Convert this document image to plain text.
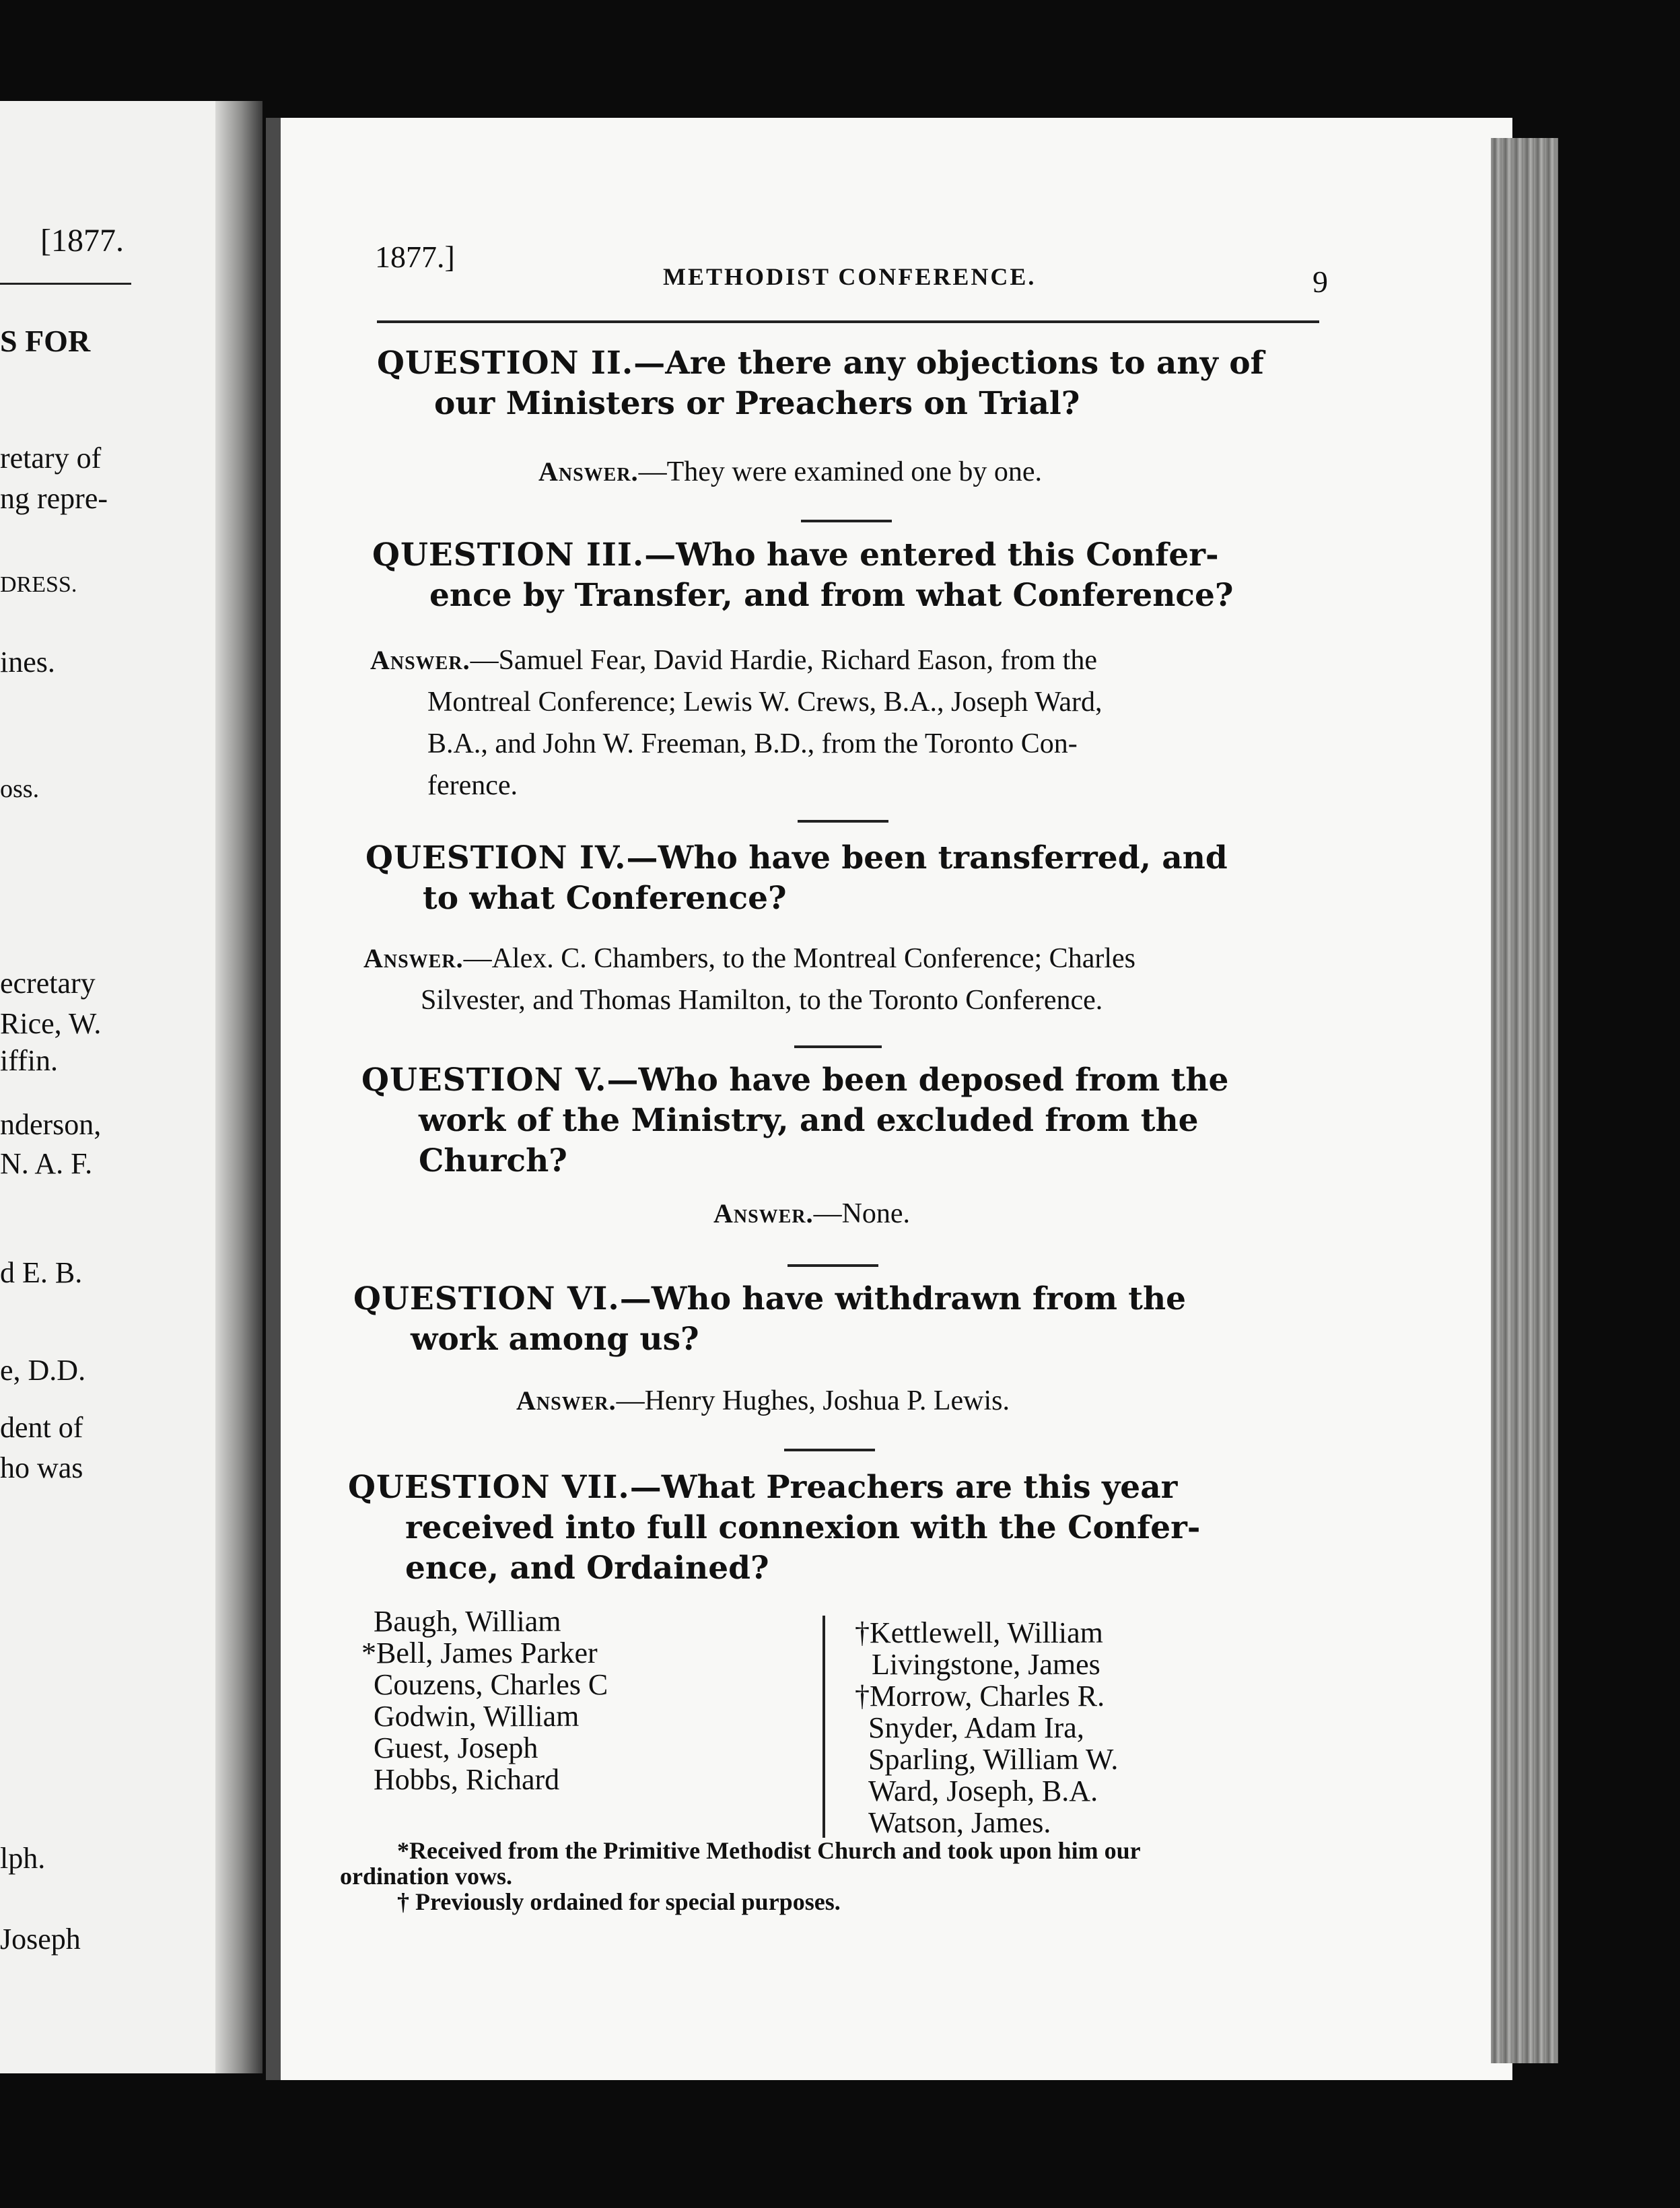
[1877.
S FOR
retary of
ng repre-
DRESS.
ines.
oss.
ecretary
Rice, W.
iffin.
nderson,
N. A. F.
d E. B.
e, D.D.
dent of
ho was
lph.
Joseph
1877.]
METHODIST CONFERENCE.	9
QUESTION II.—Are there any objections to any of
our Ministers or Preachers on Trial?
Answer.—They were examined one by one.
QUESTION III.—Who have entered this Confer-
ence by Transfer, and from what Conference?
Answer.—Samuel Fear, David Hardie, Richard Eason, from the
Montreal Conference; Lewis W. Crews, B.A., Joseph Ward,
B.A., and John W. Freeman, B.D., from the Toronto Con-
ference.
QUESTION IV.—Who have been transferred, and
to what Conference?
Answer.—Alex. C. Chambers, to the Montreal Conference; Charles
Silvester, and Thomas Hamilton, to the Toronto Conference.
QUESTION V.—Who have been deposed from the
work of the Ministry, and excluded from the
Church?
Answer.—None.
QUESTION VI.—Who have withdrawn from the
work among us?
Answer.—Henry Hughes, Joshua P. Lewis.
QUESTION VII.—What Preachers are this year
received into full connexion with the Confer-
ence, and Ordained?
Baugh, William
*Bell, James Parker
Couzens, Charles C
Godwin, William
Guest, Joseph
Hobbs, Richard
†Kettlewell, William
Livingstone, James
†Morrow, Charles R.
Snyder, Adam Ira,
Sparling, William W.
Ward, Joseph, B.A.
Watson, James.
*Received from the Primitive Methodist Church and took upon him our
ordination vows.
† Previously ordained for special purposes.
